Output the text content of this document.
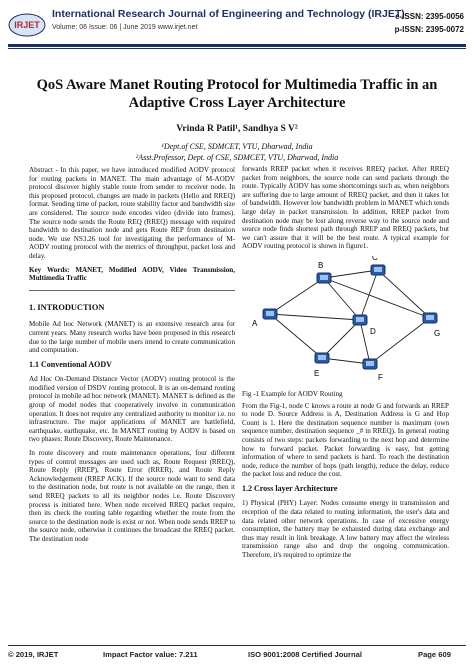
IRJET
International Research Journal of Engineering and Technology (IRJET)
Volume: 06 Issue: 06 | June 2019 www.irjet.net
e-ISSN: 2395-0056
p-ISSN: 2395-0072
QoS Aware Manet Routing Protocol for Multimedia Traffic in an
Adaptive Cross Layer Architecture
Vrinda R Patil¹, Sandhya S V²
¹Dept.of CSE, SDMCET, VTU, Dharwad, India
²Asst.Professor, Dept. of CSE, SDMCET, VTU, Dharwad, India

Abstract - In this paper, we have introduced modified AODV protocol for routing packets in MANET. The main advantage of M-AODV protocol discover highly stable route from sender to receiver node. In this proposed protocol, changes are made in packets (Hello and RREQ) format. Sending time of packet, route stability factor and bandwidth size are considered. The source node encodes video (divide into frames). The source node sends the Route REQ (RREQ) message with required bandwidth to destination node and gets Route REP from destination node. We use NS3.26 tool for investigating the performance of M-AODV routing protocol with the metrics of throughput, packet loss and delay.

Key Words: MANET, Modified AODV, Video Transmission, Multimedia Traffic

1. INTRODUCTION

Mobile Ad hoc Network (MANET) is an extensive research area for current years. Many research works have been proposed in this research due to the large number of mobile users intend to create communication and computation.

1.1 Conventional AODV

Ad Hoc On-Demand Distance Vector (AODV) routing protocol is the modified version of DSDV routing protocol. It is an on-demand routing protocol in mobile ad hoc network (MANET). MANET is defined as the group of model nodes that cooperatively involve in communication operation. It does not require any centralized authority to monitor i.e. no infrastructure. The major applications of MANET are battlefield, earthquake, earthquake, etc. In MANET routing by AODV is based on two phases: Route Discovery, Route Maintenance.

In route discovery and route maintenance operations, four different types of control messages are used such as, Route Request (RREQ), Route Reply (RREP), Route Error (RRER), and Route Reply Acknowledgement (RREP ACK). If the source node want to send data to the destination node, but route is not available on the range, then it send RREQ packets to all its neighbor nodes i.e. Route Discovery process is initiated here. When node received RREQ packet require, then its check the routing table regarding whether the route from the source to the destination node is exist or not. When node sends RREP to the source node, otherwise it continues the broadcast the RREQ packet. The destination node

forwards RREP packet when it receives RREQ packet. After RREQ packet from neighbors, the source node can send packets through the route. Typically AODV has some shortcomings such as, when neighbors are suffering due to large amount of RREQ packet, and then it takes lot of bandwidth. However low bandwidth problem in MANET which tends large delay in packet transmission. In addition, RREP packet from destination node may be lost along reverse way to the source node and source node finds shortest path through RREP and RREQ packets, but we can't assure that it will be the best route. A typical example for AODV routing protocol is shown in figure1.

A
B
C
D
E	F
G
Fig -1 Example for AODV Routing

From the Fig-1, node C knows a route at node G and forwards an RREP to node D. Source Address is A, Destination Address is G and Hop Count is 1. Here the destination sequence number is maximum (own sequence number, destination sequence _# in RREQ). In general routing consists of two steps: packets forwarding to the next hop and determine how to forward packet. Packet forwarding is easy, but getting information of where to send packets is hard. To reach the destination node, reduce the number of hops (path length), reduce the delay, reduce the packet loss and reduce the cost.

1.2 Cross layer Architecture

1) Physical (PHY) Layer: Nodes consume energy in transmission and reception of the data related to routing information, the user's data and data related other network operations. In case of excessive energy consumption, the battery may be exhausted during data exchange and thus may result in link breakage. A low battery may affect the wireless transmission range also and drop the ongoing communication. Therefore, it's required to optimize the

© 2019, IRJET	Impact Factor value: 7.211	ISO 9001:2008 Certified Journal	Page 609
